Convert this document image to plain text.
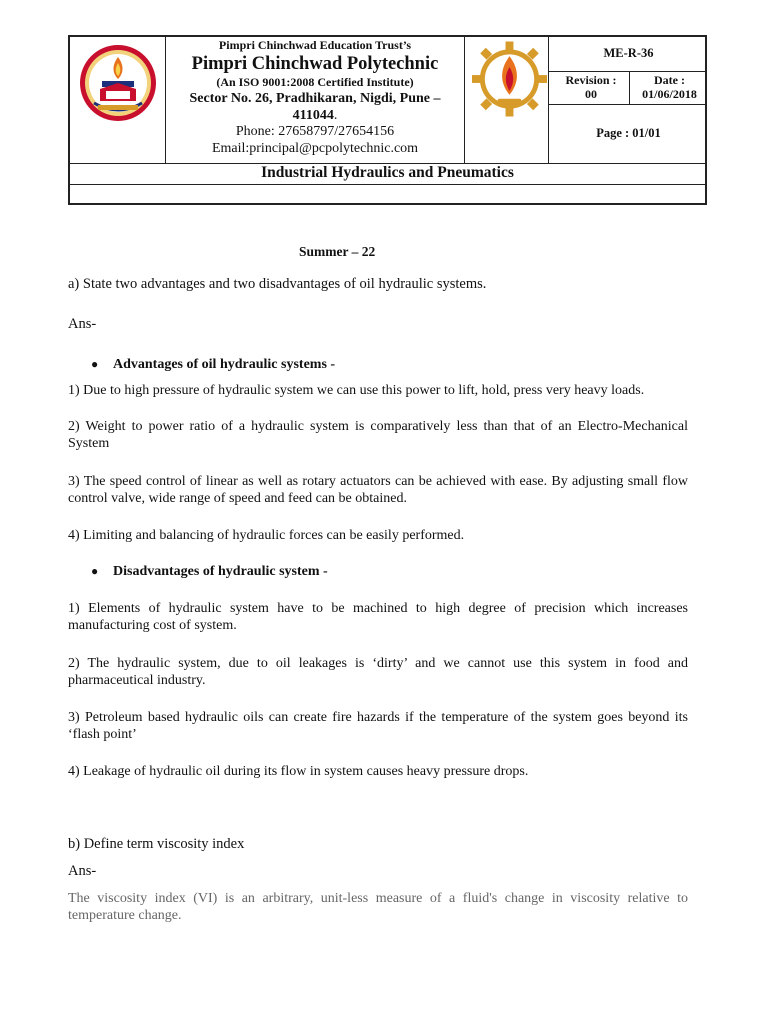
Pimpri Chinchwad Education Trust’s
Pimpri Chinchwad Polytechnic
(An ISO 9001:2008 Certified Institute)
Sector No. 26, Pradhikaran, Nigdi, Pune –
411044.
Phone: 27658797/27654156
Email:principal@pcpolytechnic.com
ME-R-36
Revision :
00
Date :
01/06/2018
Page : 01/01
Industrial Hydraulics and Pneumatics
Summer – 22
a) State two advantages and two disadvantages of oil hydraulic systems.
Ans-
● Advantages of oil hydraulic systems -
1) Due to high pressure of hydraulic system we can use this power to lift, hold, press very heavy loads.
2) Weight to power ratio of a hydraulic system is comparatively less than that of an Electro-Mechanical System
3) The speed control of linear as well as rotary actuators can be achieved with ease. By adjusting small flow control valve, wide range of speed and feed can be obtained.
4) Limiting and balancing of hydraulic forces can be easily performed.
● Disadvantages of hydraulic system -
1) Elements of hydraulic system have to be machined to high degree of precision which increases manufacturing cost of system.
2) The hydraulic system, due to oil leakages is ‘dirty’ and we cannot use this system in food and pharmaceutical industry.
3) Petroleum based hydraulic oils can create fire hazards if the temperature of the system goes beyond its ‘flash point’
4) Leakage of hydraulic oil during its flow in system causes heavy pressure drops.
b) Define term viscosity index
Ans-
The viscosity index (VI) is an arbitrary, unit-less measure of a fluid's change in viscosity relative to temperature change.
